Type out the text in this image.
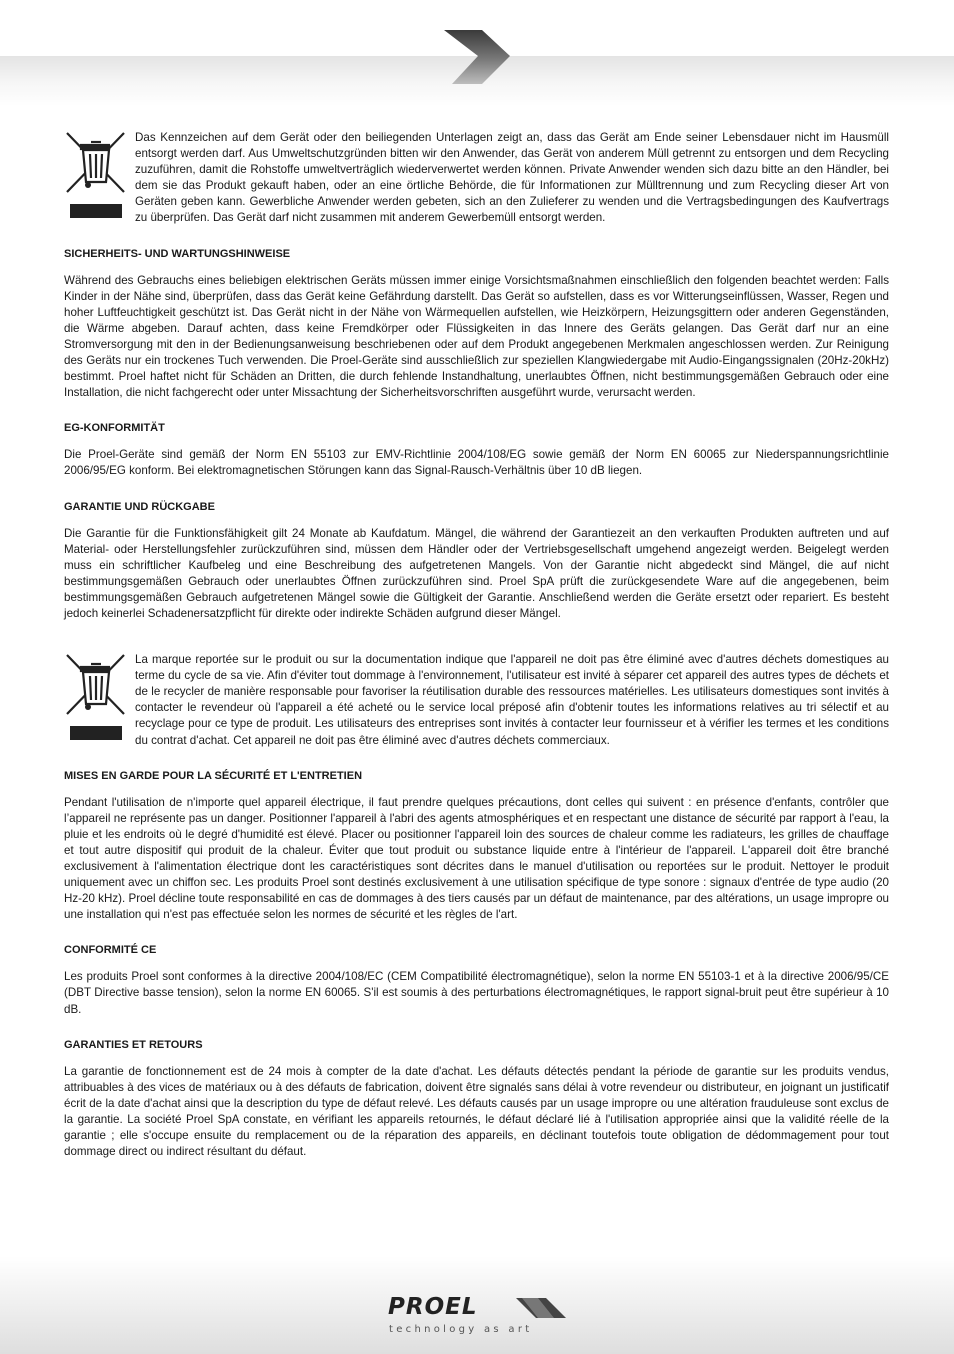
Das Kennzeichen auf dem Gerät oder den beiliegenden Unterlagen zeigt an, dass das Gerät am Ende seiner Lebensdauer nicht im Hausmüll entsorgt werden darf. Aus Umweltschutzgründen bitten wir den Anwender, das Gerät von anderem Müll getrennt zu entsorgen und dem Recycling zuzuführen, damit die Rohstoffe umweltverträglich wiederverwertet werden können. Private Anwender wenden sich dazu bitte an den Händler, bei dem sie das Produkt gekauft haben, oder an eine örtliche Behörde, die für Informationen zur Mülltrennung und zum Recycling dieser Art von Geräten geben kann. Gewerbliche Anwender werden gebeten, sich an den Zulieferer zu wenden und die Vertragsbedingungen des Kaufvertrags zu überprüfen. Das Gerät darf nicht zusammen mit anderem Gewerbemüll entsorgt werden.

SICHERHEITS- UND WARTUNGSHINWEISE

Während des Gebrauchs eines beliebigen elektrischen Geräts müssen immer einige Vorsichtsmaßnahmen einschließlich den folgenden beachtet werden: Falls Kinder in der Nähe sind, überprüfen, dass das Gerät keine Gefährdung darstellt. Das Gerät so aufstellen, dass es vor Witterungseinflüssen, Wasser, Regen und hoher Luftfeuchtigkeit geschützt ist. Das Gerät nicht in der Nähe von Wärmequellen aufstellen, wie Heizkörpern, Heizungsgittern oder anderen Gegenständen, die Wärme abgeben. Darauf achten, dass keine Fremdkörper oder Flüssigkeiten in das Innere des Geräts gelangen. Das Gerät darf nur an eine Stromversorgung mit den in der Bedienungsanweisung beschriebenen oder auf dem Produkt angegebenen Merkmalen angeschlossen werden. Zur Reinigung des Geräts nur ein trockenes Tuch verwenden. Die Proel-Geräte sind ausschließlich zur speziellen Klangwiedergabe mit Audio-Eingangssignalen (20Hz-20kHz) bestimmt. Proel haftet nicht für Schäden an Dritten, die durch fehlende Instandhaltung, unerlaubtes Öffnen, nicht bestimmungsgemäßen Gebrauch oder eine Installation, die nicht fachgerecht oder unter Missachtung der Sicherheitsvorschriften ausgeführt wurde, verursacht werden.

EG-KONFORMITÄT

Die Proel-Geräte sind gemäß der Norm EN 55103 zur EMV-Richtlinie 2004/108/EG sowie gemäß der Norm EN 60065 zur Niederspannungsrichtlinie 2006/95/EG konform. Bei elektromagnetischen Störungen kann das Signal-Rausch-Verhältnis über 10 dB liegen.

GARANTIE UND RÜCKGABE

Die Garantie für die Funktionsfähigkeit gilt 24 Monate ab Kaufdatum. Mängel, die während der Garantiezeit an den verkauften Produkten auftreten und auf Material- oder Herstellungsfehler zurückzuführen sind, müssen dem Händler oder der Vertriebsgesellschaft umgehend angezeigt werden. Beigelegt werden muss ein schriftlicher Kaufbeleg und eine Beschreibung des aufgetretenen Mangels. Von der Garantie nicht abgedeckt sind Mängel, die auf nicht bestimmungsgemäßen Gebrauch oder unerlaubtes Öffnen zurückzuführen sind. Proel SpA prüft die zurückgesendete Ware auf die angegebenen, beim bestimmungsgemäßen Gebrauch aufgetretenen Mängel sowie die Gültigkeit der Garantie. Anschließend werden die Geräte ersetzt oder repariert. Es besteht jedoch keinerlei Schadenersatzpflicht für direkte oder indirekte Schäden aufgrund dieser Mängel.

La marque reportée sur le produit ou sur la documentation indique que l'appareil ne doit pas être éliminé avec d'autres déchets domestiques au terme du cycle de sa vie. Afin d'éviter tout dommage à l'environnement, l'utilisateur est invité à séparer cet appareil des autres types de déchets et de le recycler de manière responsable pour favoriser la réutilisation durable des ressources matérielles. Les utilisateurs domestiques sont invités à contacter le revendeur où l'appareil a été acheté ou le service local préposé afin d'obtenir toutes les informations relatives au tri sélectif et au recyclage pour ce type de produit. Les utilisateurs des entreprises sont invités à contacter leur fournisseur et à vérifier les termes et les conditions du contrat d'achat. Cet appareil ne doit pas être éliminé avec d'autres déchets commerciaux.

MISES EN GARDE POUR LA SÉCURITÉ ET L'ENTRETIEN

Pendant l'utilisation de n'importe quel appareil électrique, il faut prendre quelques précautions, dont celles qui suivent : en présence d'enfants, contrôler que l’appareil ne représente pas un danger. Positionner l'appareil à l'abri des agents atmosphériques et en respectant une distance de sécurité par rapport à l'eau, la pluie et les endroits où le degré d'humidité est élevé. Placer ou positionner l'appareil loin des sources de chaleur comme les radiateurs, les grilles de chauffage et tout autre dispositif qui produit de la chaleur. Éviter que tout produit ou substance liquide entre à l'intérieur de l'appareil. L'appareil doit être branché exclusivement à l'alimentation électrique dont les caractéristiques sont décrites dans le manuel d'utilisation ou reportées sur le produit. Nettoyer le produit uniquement avec un chiffon sec. Les produits Proel sont destinés exclusivement à une utilisation spécifique de type sonore : signaux d'entrée de type audio (20 Hz-20 kHz). Proel décline toute responsabilité en cas de dommages à des tiers causés par un défaut de maintenance, par des altérations, un usage impropre ou une installation qui n'est pas effectuée selon les normes de sécurité et les règles de l'art.

CONFORMITÉ CE

Les produits Proel sont conformes à la directive 2004/108/EC (CEM Compatibilité électromagnétique), selon la norme EN 55103-1 et à la directive 2006/95/CE (DBT Directive basse tension), selon la norme EN 60065. S'il est soumis à des perturbations électromagnétiques, le rapport signal-bruit peut être supérieur à 10 dB.

GARANTIES ET RETOURS

La garantie de fonctionnement est de 24 mois à compter de la date d'achat. Les défauts détectés pendant la période de garantie sur les produits vendus, attribuables à des vices de matériaux ou à des défauts de fabrication, doivent être signalés sans délai à votre revendeur ou distributeur, en joignant un justificatif écrit de la date d'achat ainsi que la description du type de défaut relevé. Les défauts causés par un usage impropre ou une altération frauduleuse sont exclus de la garantie. La société Proel SpA constate, en vérifiant les appareils retournés, le défaut déclaré lié à l'utilisation appropriée ainsi que la validité réelle de la garantie ; elle s'occupe ensuite du remplacement ou de la réparation des appareils, en déclinant toutefois toute obligation de dédommagement pour tout dommage direct ou indirect résultant du défaut.

PROEL
technology as art
